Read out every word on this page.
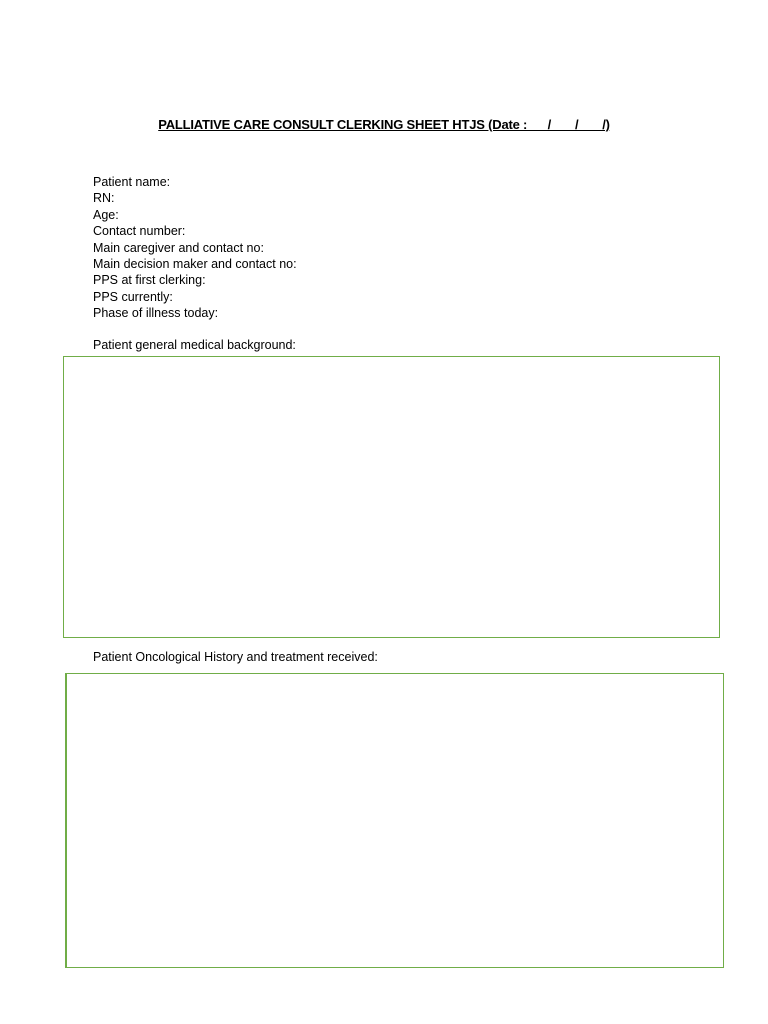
PALLIATIVE CARE CONSULT CLERKING SHEET HTJS (Date :      /       /       /)
Patient name:
RN:
Age:
Contact number:
Main caregiver and contact no:
Main decision maker and contact no:
PPS at first clerking:
PPS currently:
Phase of illness today:
Patient general medical background:
Patient Oncological History and treatment received:
